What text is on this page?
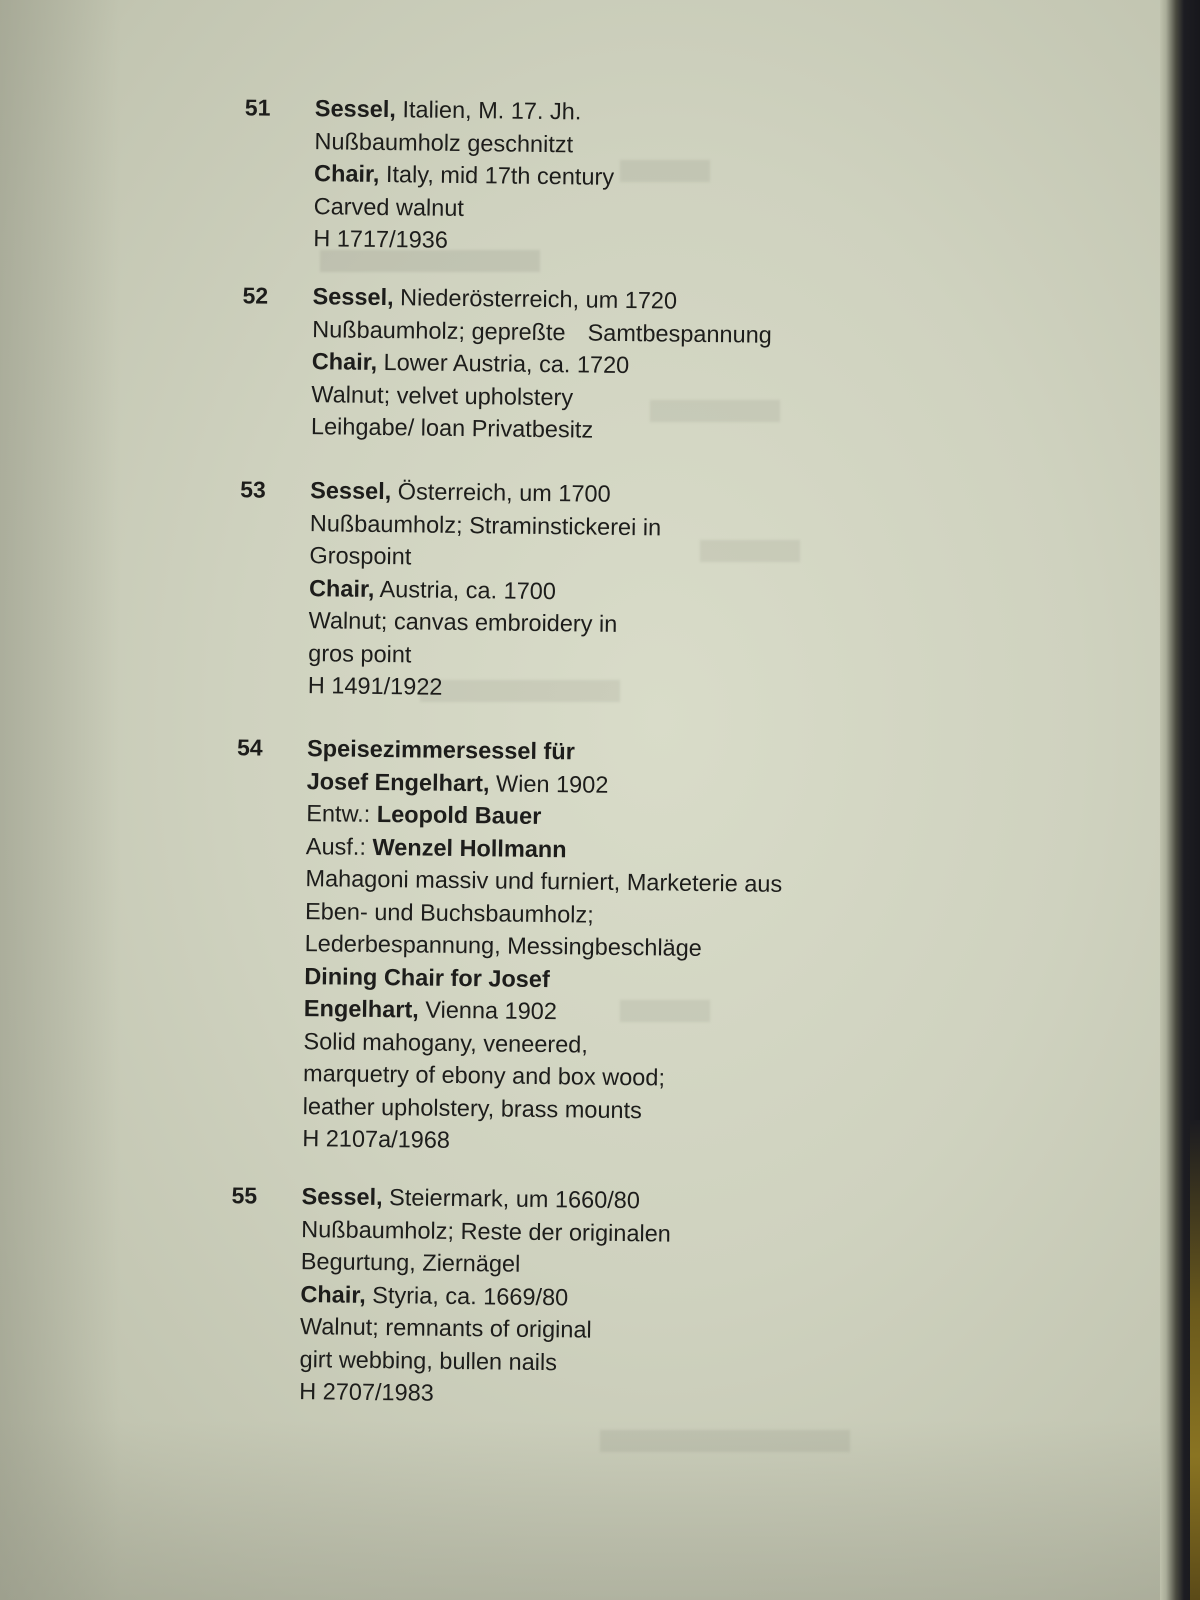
51	Sessel, Italien, M. 17. Jh.
Nußbaumholz geschnitzt
Chair, Italy, mid 17th century
Carved walnut
H 1717/1936
52	Sessel, Niederösterreich, um 1720
Nußbaumholz; gepreßte Samtbespannung
Chair, Lower Austria, ca. 1720
Walnut; velvet upholstery
Leihgabe/ loan Privatbesitz
53	Sessel, Österreich, um 1700
Nußbaumholz; Straminstickerei in
Grospoint
Chair, Austria, ca. 1700
Walnut; canvas embroidery in
gros point
H 1491/1922
54	Speisezimmersessel für
Josef Engelhart, Wien 1902
Entw.: Leopold Bauer
Ausf.: Wenzel Hollmann
Mahagoni massiv und furniert, Marketerie aus
Eben- und Buchsbaumholz;
Lederbespannung, Messingbeschläge
Dining Chair for Josef
Engelhart, Vienna 1902
Solid mahogany, veneered,
marquetry of ebony and box wood;
leather upholstery, brass mounts
H 2107a/1968
55	Sessel, Steiermark, um 1660/80
Nußbaumholz; Reste der originalen
Begurtung, Ziernägel
Chair, Styria, ca. 1669/80
Walnut; remnants of original
girt webbing, bullen nails
H 2707/1983
